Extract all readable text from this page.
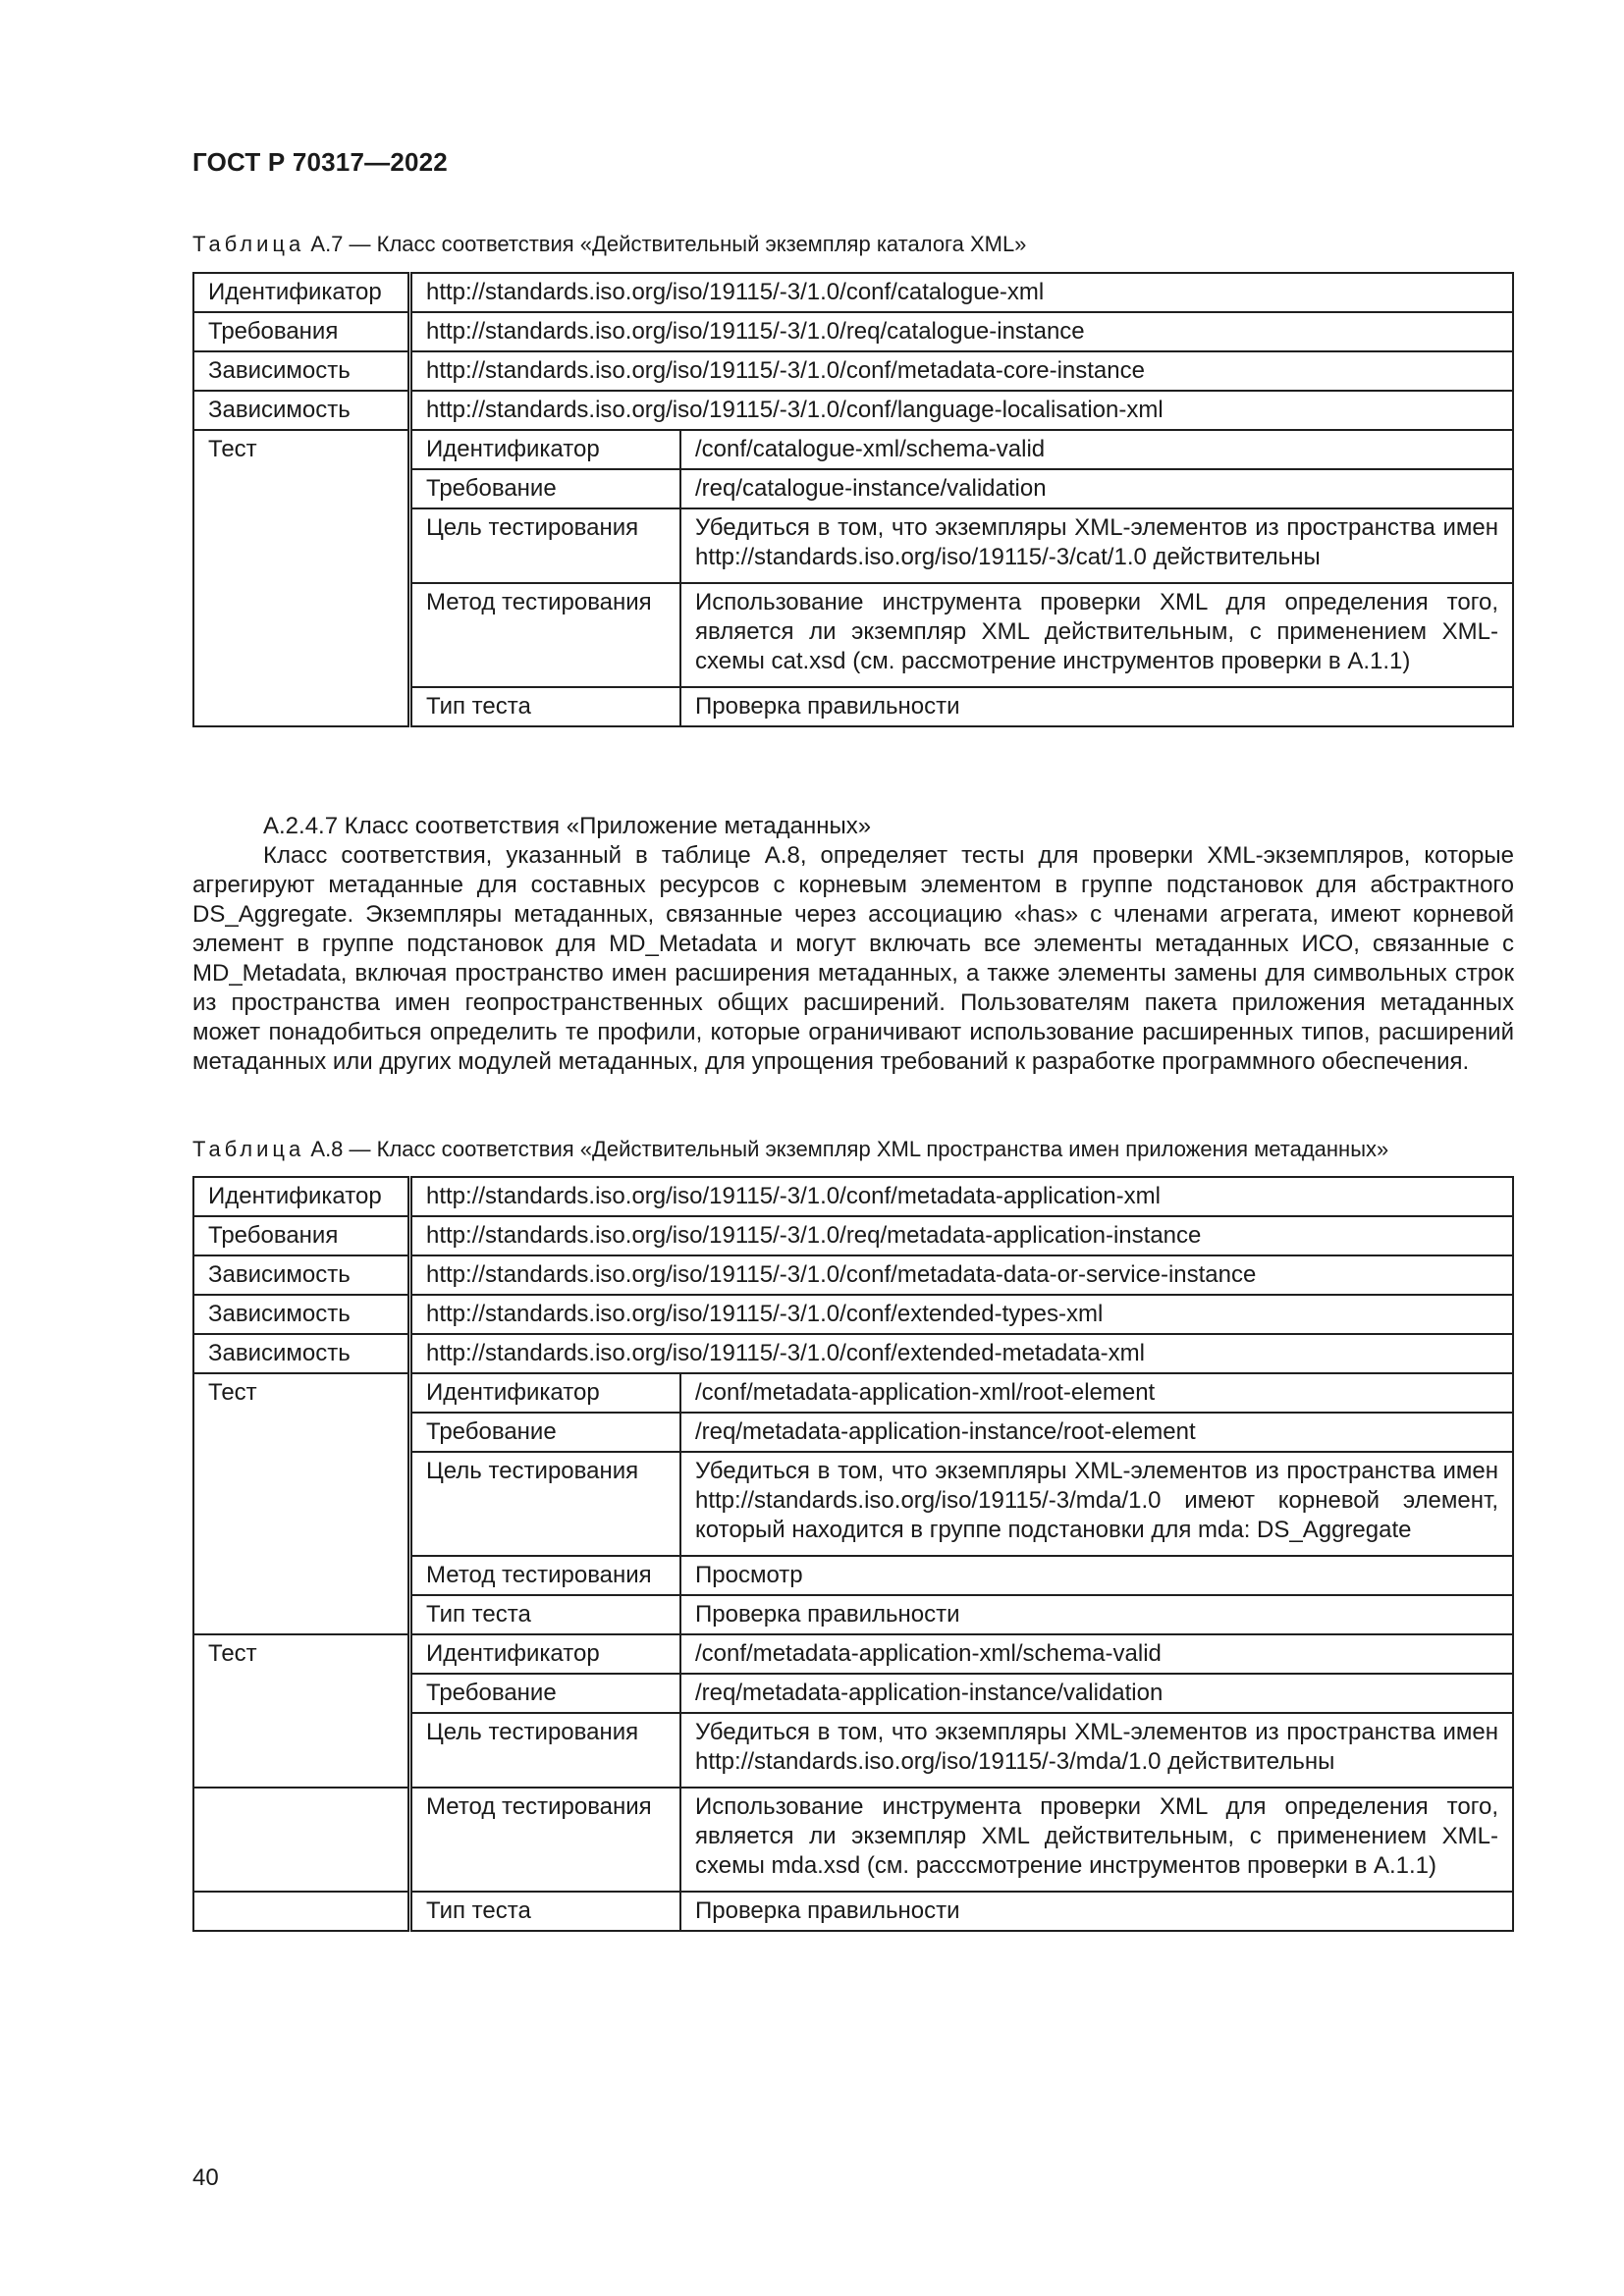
ГОСТ Р 70317—2022
Таблица А.7 — Класс соответствия «Действительный экземпляр каталога XML»
Идентификатор	http://standards.iso.org/iso/19115/-3/1.0/conf/catalogue-xml	
Требования	http://standards.iso.org/iso/19115/-3/1.0/req/catalogue-instance	
Зависимость	http://standards.iso.org/iso/19115/-3/1.0/conf/metadata-core-instance	
Зависимость	http://standards.iso.org/iso/19115/-3/1.0/conf/language-localisation-xml	
Тест	Идентификатор	/conf/catalogue-xml/schema-valid
	Требование	/req/catalogue-instance/validation
	Цель тестирования	Убедиться в том, что экземпляры XML-элементов из пространства имен http://standards.iso.org/iso/19115/-3/cat/1.0 действительны
	Метод тестирования	Использование инструмента проверки XML для определения того, является ли экземпляр XML действительным, с применением XML-схемы cat.xsd (см. рассмотрение инструментов проверки в А.1.1)
	Тип теста	Проверка правильности

А.2.4.7 Класс соответствия «Приложение метаданных»

Класс соответствия, указанный в таблице А.8, определяет тесты для проверки XML-экземпляров, которые агрегируют метаданные для составных ресурсов с корневым элементом в группе подстановок для абстрактного DS_Aggregate. Экземпляры метаданных, связанные через ассоциацию «has» с членами агрегата, имеют корневой элемент в группе подстановок для MD_Metadata и могут включать все элементы метаданных ИСО, связанные с MD_Metadata, включая пространство имен расширения метаданных, а также элементы замены для символьных строк из пространства имен геопространственных общих расширений. Пользователям пакета приложения метаданных может понадобиться определить те профили, которые ограничивают использование расширенных типов, расширений метаданных или других модулей метаданных, для упрощения требований к разработке программного обеспечения.

Таблица А.8 — Класс соответствия «Действительный экземпляр XML пространства имен приложения метаданных»
Идентификатор	http://standards.iso.org/iso/19115/-3/1.0/conf/metadata-application-xml	
Требования	http://standards.iso.org/iso/19115/-3/1.0/req/metadata-application-instance	
Зависимость	http://standards.iso.org/iso/19115/-3/1.0/conf/metadata-data-or-service-instance	
Зависимость	http://standards.iso.org/iso/19115/-3/1.0/conf/extended-types-xml	
Зависимость	http://standards.iso.org/iso/19115/-3/1.0/conf/extended-metadata-xml	
Тест	Идентификатор	/conf/metadata-application-xml/root-element
	Требование	/req/metadata-application-instance/root-element
	Цель тестирования	Убедиться в том, что экземпляры XML-элементов из пространства имен http://standards.iso.org/iso/19115/-3/mda/1.0 имеют корневой элемент, который находится в группе подстановки для mda: DS_Aggregate
	Метод тестирования	Просмотр
	Тип теста	Проверка правильности
Тест	Идентификатор	/conf/metadata-application-xml/schema-valid
	Требование	/req/metadata-application-instance/validation
	Цель тестирования	Убедиться в том, что экземпляры XML-элементов из пространства имен http://standards.iso.org/iso/19115/-3/mda/1.0 действительны
	Метод тестирования	Использование инструмента проверки XML для определения того, является ли экземпляр XML действительным, с применением XML-схемы mda.xsd (см. расссмотрение инструментов проверки в А.1.1)
	Тип теста	Проверка правильности
40
